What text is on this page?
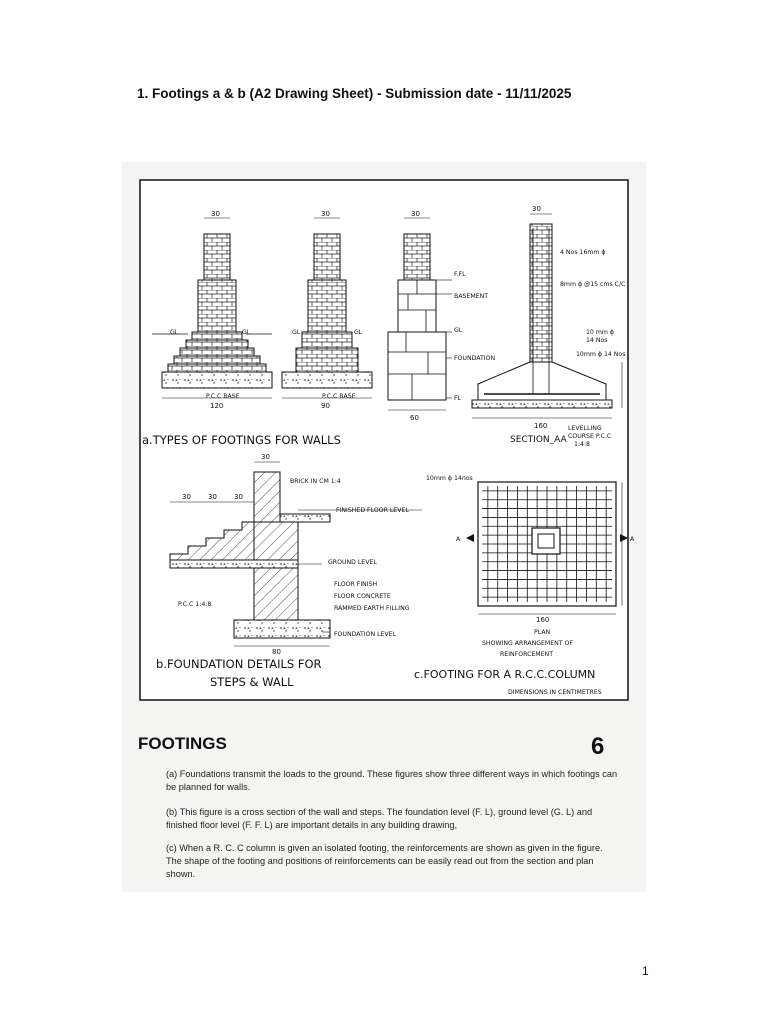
1. Footings a & b (A2 Drawing Sheet) - Submission date - 11/11/2025
30
120
GL	GL
P.C.C BASE
30
90
GL	GL
P.C.C BASE
30
60
F.FL
BASEMENT
GL
FOUNDATION
FL
30
160
4 Nos 16mm ϕ
8mm ϕ @15 cms C/C
10 mm ϕ
14 Nos
10mm ϕ 14 Nos
LEVELLING
COURSE P.C.C
1:4:8
a.TYPES OF FOOTINGS FOR WALLS	SECTION_AA
30
30 30 30
80
BRICK IN CM 1:4
FINISHED FLOOR LEVEL
GROUND LEVEL
FLOOR FINISH
FLOOR CONCRETE
RAMMED EARTH FILLING
P.C.C 1:4:8
FOUNDATION LEVEL
b.FOUNDATION DETAILS FOR
STEPS & WALL
A	A
10mm ϕ 14nos
160
PLAN
SHOWING ARRANGEMENT OF
REINFORCEMENT
c.FOOTING FOR A R.C.C.COLUMN
DIMENSIONS IN CENTIMETRES
FOOTINGS	6
(a) Foundations transmit the loads to the ground. These figures show three different ways in which footings can be planned for walls.
(b) This figure is a cross section of the wall and steps. The foundation level (F. L), ground level (G. L) and finished floor level (F. F. L) are important details in any building drawing,
(c) When a R. C. C column is given an isolated footing, the reinforcements are shown as given in the figure. The shape of the footing and positions of reinforcements can be easily read out from the section and plan shown.
1
